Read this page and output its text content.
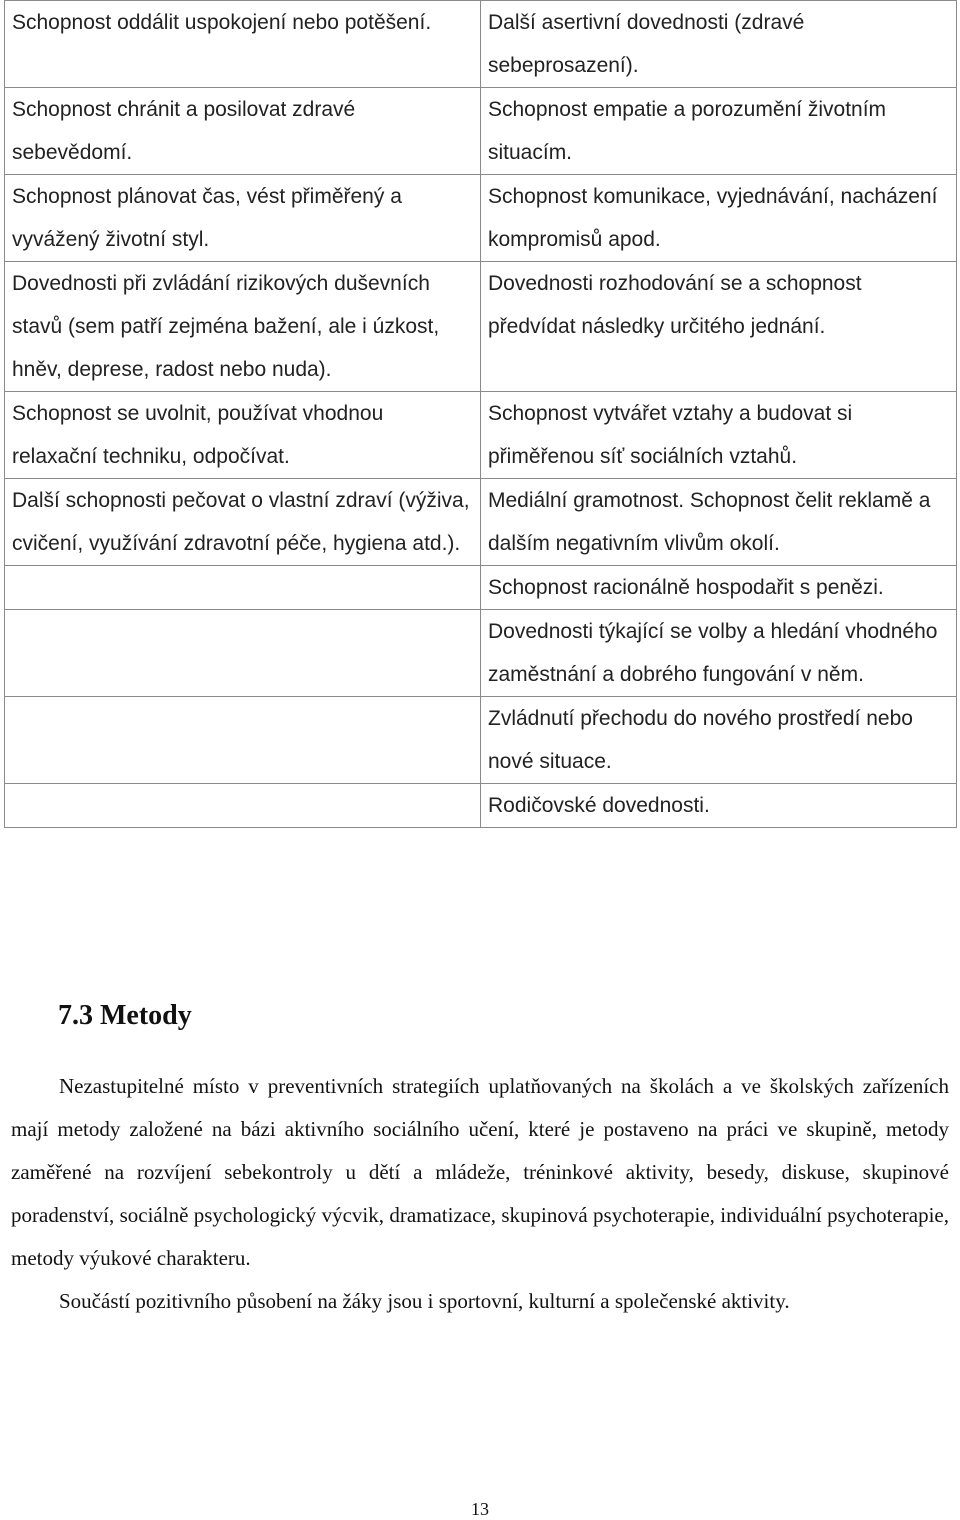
Schopnost oddálit uspokojení nebo potěšení.	Další asertivní dovednosti (zdravé sebeprosazení).
Schopnost chránit a posilovat zdravé sebevědomí.	Schopnost empatie a porozumění životním situacím.
Schopnost plánovat čas, vést přiměřený a vyvážený životní styl.	Schopnost komunikace, vyjednávání, nacházení kompromisů apod.
Dovednosti při zvládání rizikových duševních stavů (sem patří zejména bažení, ale i úzkost, hněv, deprese, radost nebo nuda).	Dovednosti rozhodování se a schopnost předvídat následky určitého jednání.
Schopnost se uvolnit, používat vhodnou relaxační techniku, odpočívat.	Schopnost vytvářet vztahy a budovat si přiměřenou síť sociálních vztahů.
Další schopnosti pečovat o vlastní zdraví (výživa, cvičení, využívání zdravotní péče, hygiena atd.).	Mediální gramotnost. Schopnost čelit reklamě a dalším negativním vlivům okolí.
	Schopnost racionálně hospodařit s penězi.
	Dovednosti týkající se volby a hledání vhodného zaměstnání a dobrého fungování v něm.
	Zvládnutí přechodu do nového prostředí nebo nové situace.
	Rodičovské dovednosti.
7.3 Metody

Nezastupitelné místo v preventivních strategiích uplatňovaných na školách a ve školských zařízeních mají metody založené na bázi aktivního sociálního učení, které je postaveno na práci ve skupině, metody zaměřené na rozvíjení sebekontroly u dětí a mládeže, tréninkové aktivity, besedy, diskuse, skupinové poradenství, sociálně psychologický výcvik, dramatizace, skupinová psychoterapie, individuální psychoterapie, metody výukové charakteru.

Součástí pozitivního působení na žáky jsou i sportovní, kulturní a společenské aktivity.

13
